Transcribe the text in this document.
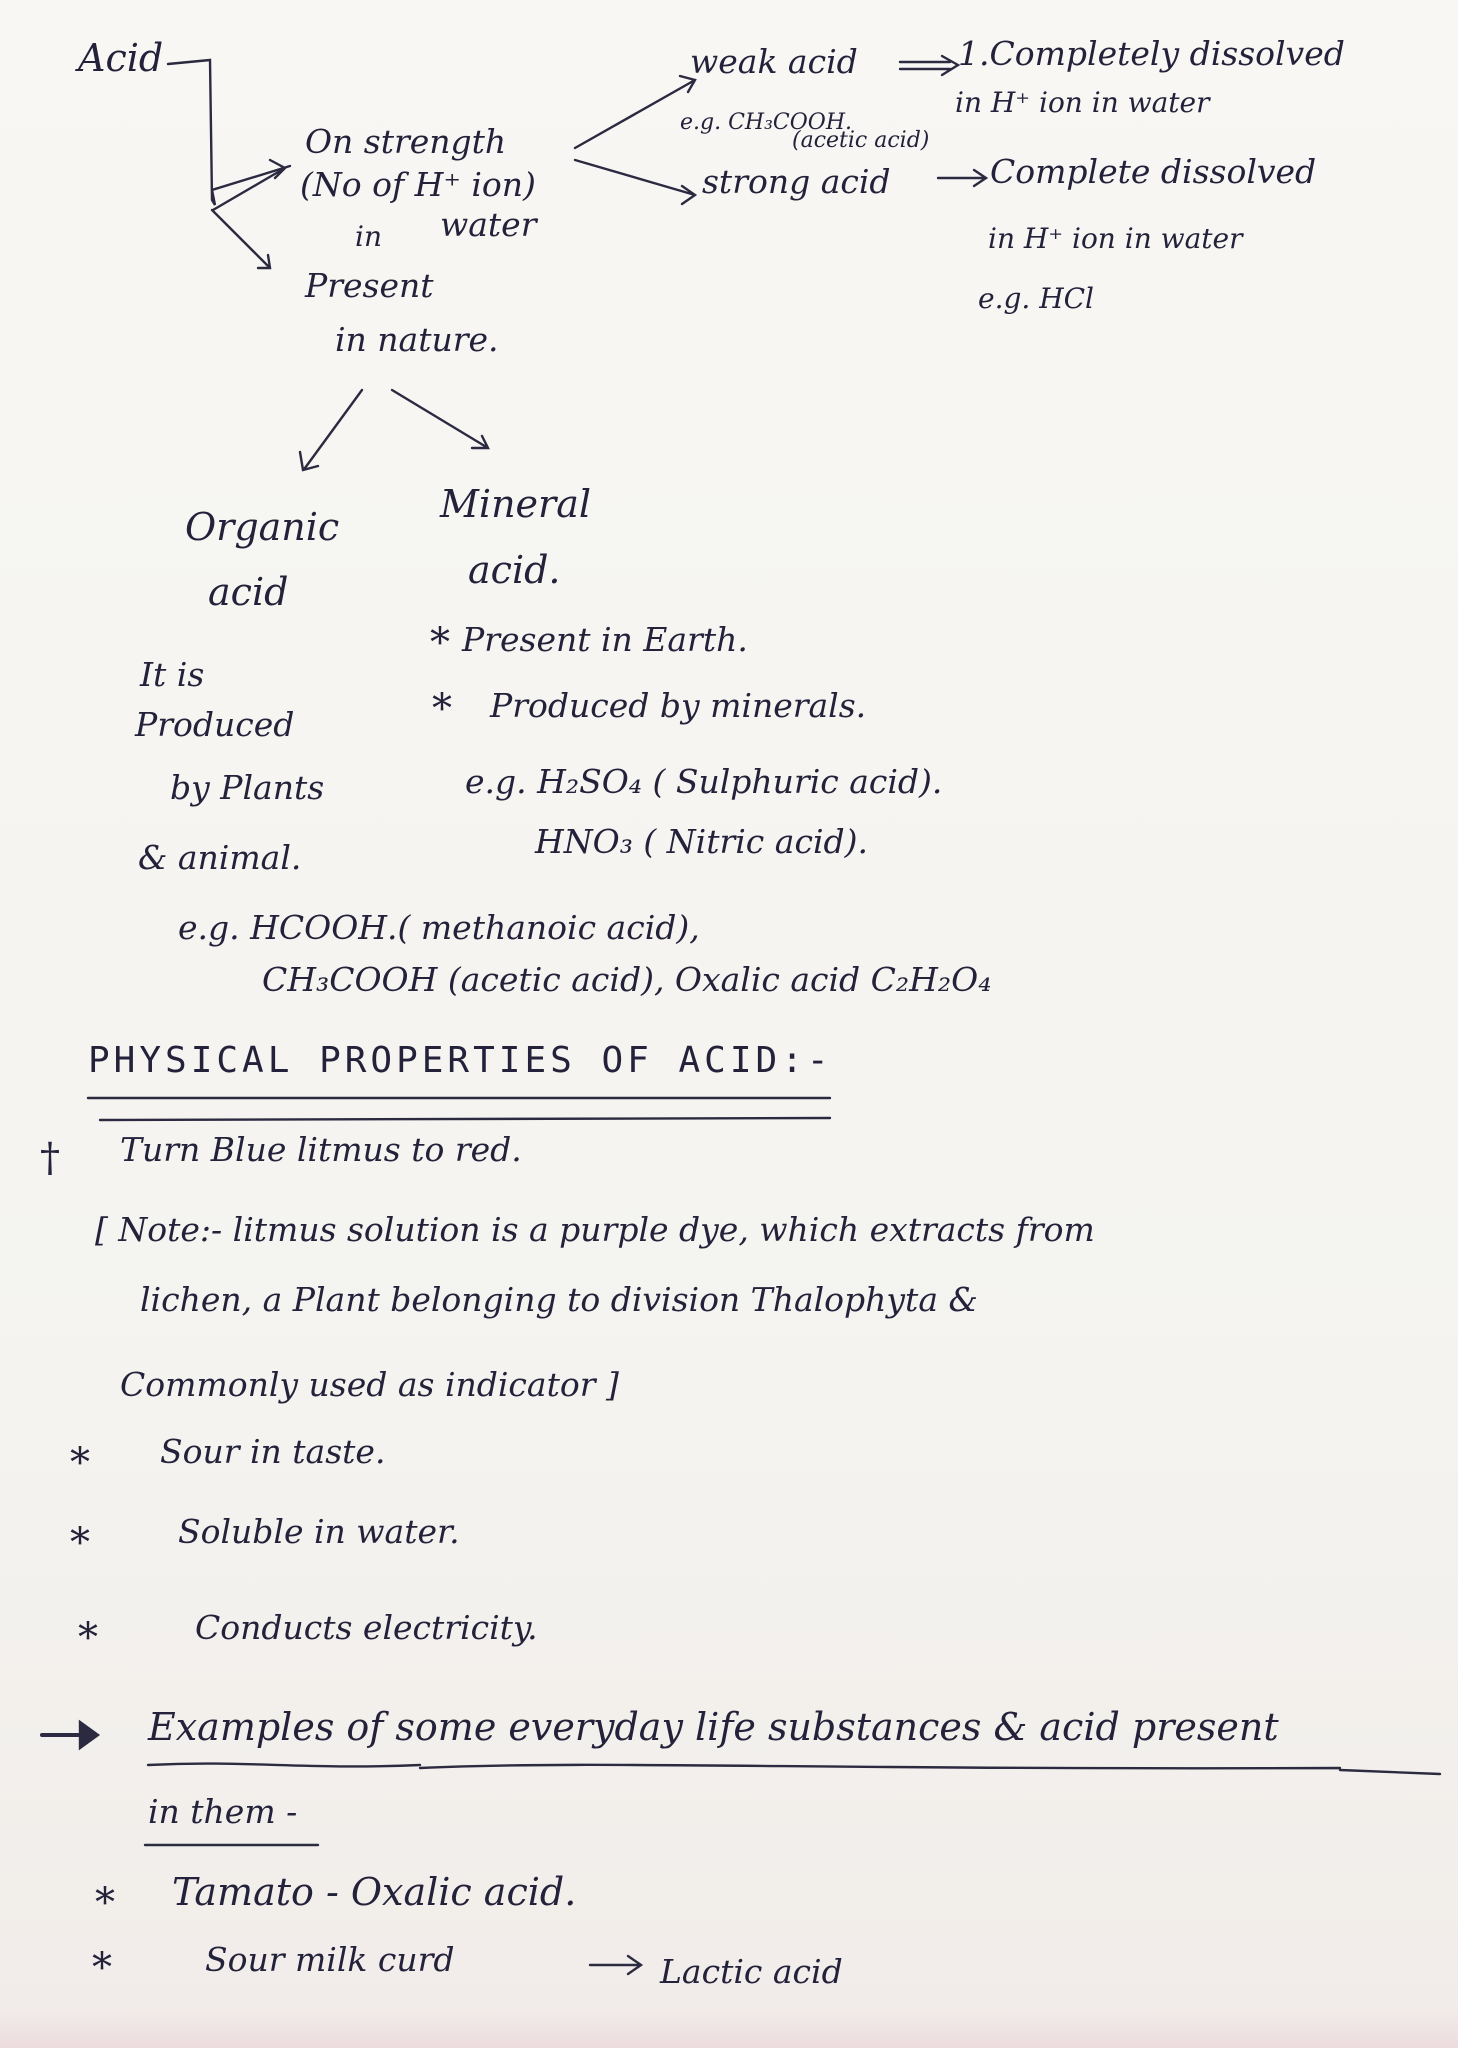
Acid
On strength
(No of H⁺ ion)
in water
weak acid	1.Completely dissolved
in H⁺ ion in water
e.g. CH₃COOH.
(acetic acid)
strong acid	Complete dissolved
in H⁺ ion in water
e.g. HCl
Present
in nature.
Organic
acid
It is
Produced
by Plants
& animal.
Mineral
acid.
* Present in Earth.
* Produced by minerals.
e.g. H₂SO₄ ( Sulphuric acid).
HNO₃ ( Nitric acid).
e.g. HCOOH.( methanoic acid),
CH₃COOH (acetic acid), Oxalic acid C₂H₂O₄
PHYSICAL PROPERTIES OF ACID:-
† Turn Blue litmus to red.
[ Note:- litmus solution is a purple dye, which extracts from
lichen, a Plant belonging to division Thalophyta &
Commonly used as indicator ]
* Sour in taste.
*	Soluble in water.
*	Conducts electricity.
Examples of some everyday life substances & acid present
in them -
* Tamato - Oxalic acid.
*	Sour milk curd	Lactic acid
